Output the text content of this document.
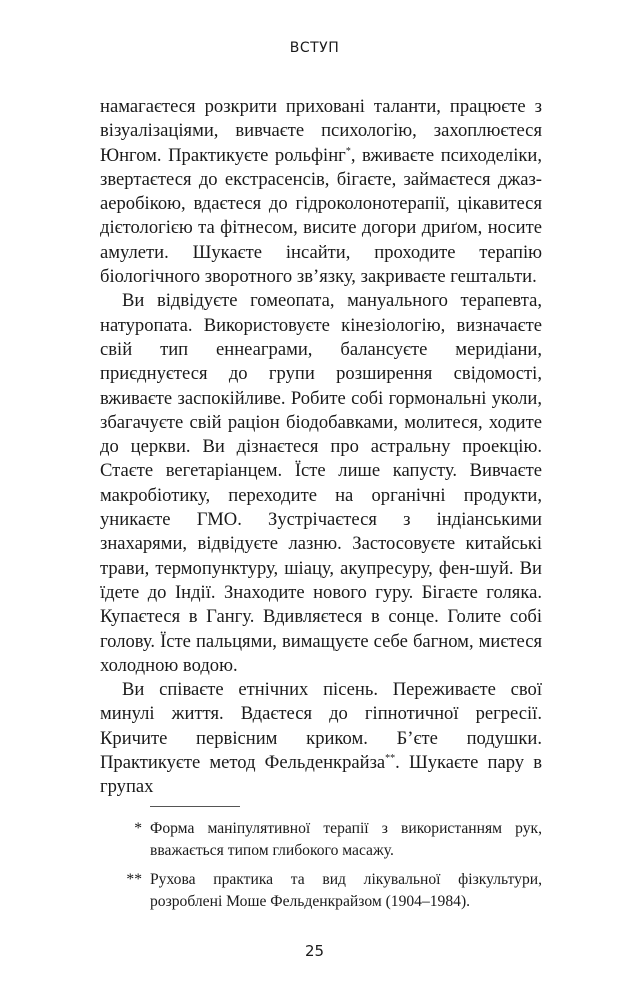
ВСТУП

намагаєтеся розкрити приховані таланти, працюєте з візуалізаціями, вивчаєте психологію, захоплюєтеся Юнгом. Практикуєте рольфінг*, вживаєте психоделіки, звертаєтеся до екстрасенсів, бігаєте, займаєтеся джаз-аеробікою, вдаєтеся до гідроколонотерапії, цікавитеся дієтологією та фітнесом, висите догори дриґом, носите амулети. Шукаєте інсайти, проходите терапію біологічного зворотного зв’язку, закриваєте гештальти.

Ви відвідуєте гомеопата, мануального терапевта, натуропата. Використовуєте кінезіологію, визначаєте свій тип еннеаграми, балансуєте меридіани, приєднуєтеся до групи розширення свідомості, вживаєте заспокійливе. Робите собі гормональні уколи, збагачуєте свій раціон біодобавками, молитеся, ходите до церкви. Ви дізнаєтеся про астральну проекцію. Стаєте вегетаріанцем. Їсте лише капусту. Вивчаєте макробіотику, переходите на органічні продукти, уникаєте ГМО. Зустрічаєтеся з індіанськими знахарями, відвідуєте лазню. Застосовуєте китайські трави, термопунктуру, шіацу, акупресуру, фен-шуй. Ви їдете до Індії. Знаходите нового гуру. Бігаєте голяка. Купаєтеся в Гангу. Вдивляєтеся в сонце. Голите собі голову. Їсте пальцями, вимащуєте себе багном, миєтеся холодною водою.

Ви співаєте етнічних пісень. Переживаєте свої минулі життя. Вдаєтеся до гіпнотичної регресії. Кричите первісним криком. Б’єте подушки. Практикуєте метод Фельденкрайза**. Шукаєте пару в групах

* Форма маніпулятивної терапії з використанням рук, вважається типом глибокого масажу.
** Рухова практика та вид лікувальної фізкультури, розроблені Моше Фельденкрайзом (1904–1984).
25
